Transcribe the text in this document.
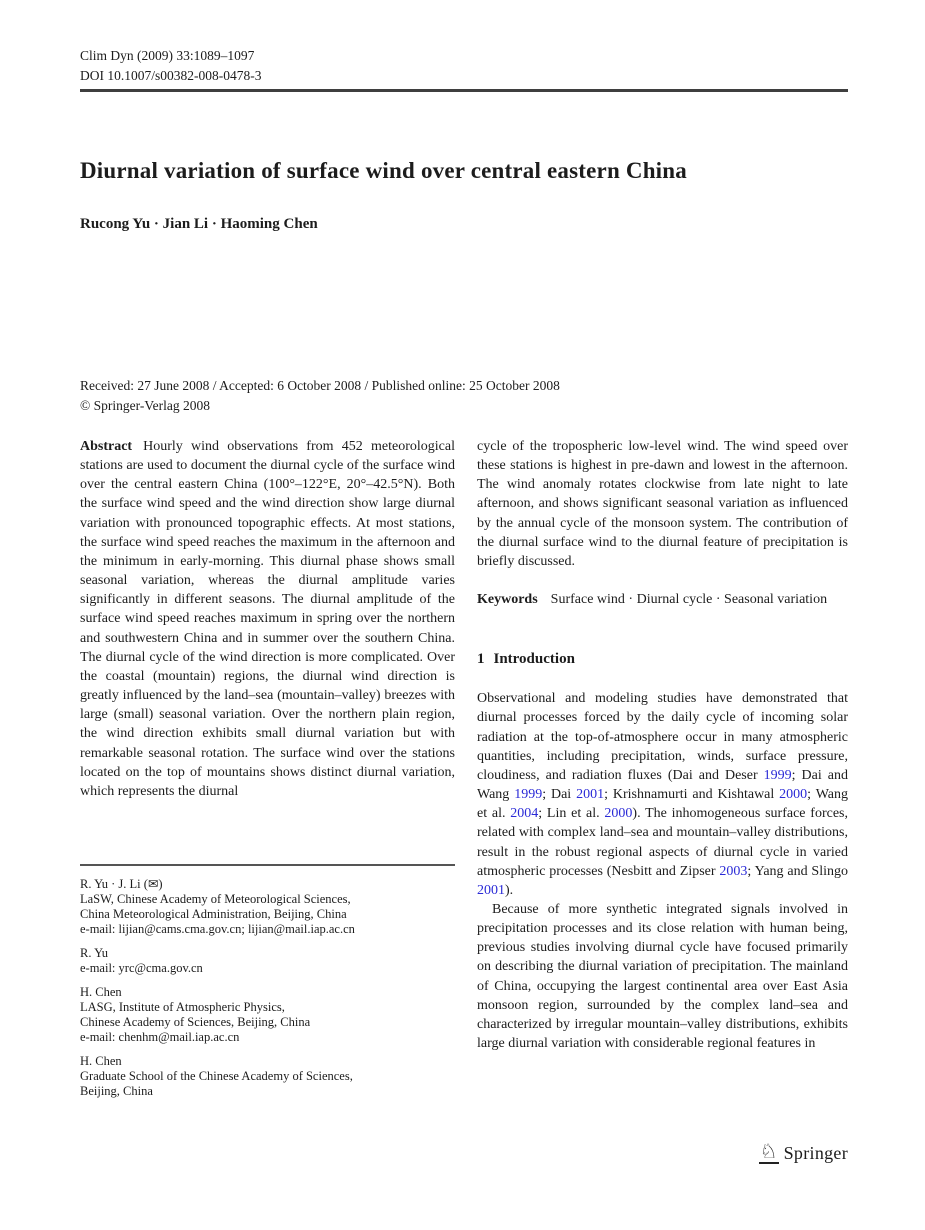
Clim Dyn (2009) 33:1089–1097
DOI 10.1007/s00382-008-0478-3
Diurnal variation of surface wind over central eastern China
Rucong Yu · Jian Li · Haoming Chen
Received: 27 June 2008 / Accepted: 6 October 2008 / Published online: 25 October 2008
© Springer-Verlag 2008

Abstract Hourly wind observations from 452 meteorological stations are used to document the diurnal cycle of the surface wind over the central eastern China (100°–122°E, 20°–42.5°N). Both the surface wind speed and the wind direction show large diurnal variation with pronounced topographic effects. At most stations, the surface wind speed reaches the maximum in the afternoon and the minimum in early-morning. This diurnal phase shows small seasonal variation, whereas the diurnal amplitude varies significantly in different seasons. The diurnal amplitude of the surface wind speed reaches maximum in spring over the northern and southwestern China and in summer over the southern China. The diurnal cycle of the wind direction is more complicated. Over the coastal (mountain) regions, the diurnal wind direction is greatly influenced by the land–sea (mountain–valley) breezes with large (small) seasonal variation. Over the northern plain region, the wind direction exhibits small diurnal variation but with remarkable seasonal rotation. The surface wind over the stations located on the top of mountains shows distinct diurnal variation, which represents the diurnal

R. Yu · J. Li (✉)
LaSW, Chinese Academy of Meteorological Sciences,
China Meteorological Administration, Beijing, China
e-mail: lijian@cams.cma.gov.cn; lijian@mail.iap.ac.cn
R. Yu
e-mail: yrc@cma.gov.cn
H. Chen
LASG, Institute of Atmospheric Physics,
Chinese Academy of Sciences, Beijing, China
e-mail: chenhm@mail.iap.ac.cn
H. Chen
Graduate School of the Chinese Academy of Sciences,
Beijing, China

cycle of the tropospheric low-level wind. The wind speed over these stations is highest in pre-dawn and lowest in the afternoon. The wind anomaly rotates clockwise from late night to late afternoon, and shows significant seasonal variation as influenced by the annual cycle of the monsoon system. The contribution of the diurnal surface wind to the diurnal feature of precipitation is briefly discussed.

Keywords Surface wind · Diurnal cycle · Seasonal variation

1 Introduction

Observational and modeling studies have demonstrated that diurnal processes forced by the daily cycle of incoming solar radiation at the top-of-atmosphere occur in many atmospheric quantities, including precipitation, winds, surface pressure, cloudiness, and radiation fluxes (Dai and Deser 1999; Dai and Wang 1999; Dai 2001; Krishnamurti and Kishtawal 2000; Wang et al. 2004; Lin et al. 2000). The inhomogeneous surface forces, related with complex land–sea and mountain–valley distributions, result in the robust regional aspects of diurnal cycle in varied atmospheric processes (Nesbitt and Zipser 2003; Yang and Slingo 2001).

Because of more synthetic integrated signals involved in precipitation processes and its close relation with human being, previous studies involving diurnal cycle have focused primarily on describing the diurnal variation of precipitation. The mainland of China, occupying the largest continental area over East Asia monsoon region, surrounded by the complex land–sea and characterized by irregular mountain–valley distributions, exhibits large diurnal variation with considerable regional features in

♘ Springer
